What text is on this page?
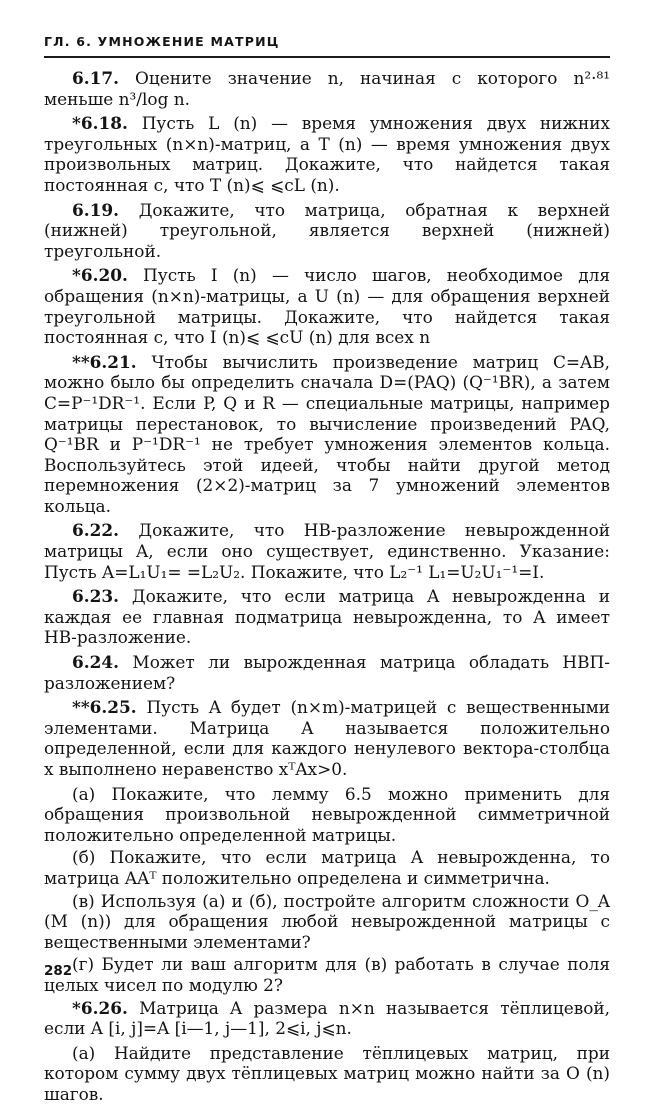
ГЛ. 6. УМНОЖЕНИЕ МАТРИЦ

6.17. Оцените значение n, начиная с которого n²·⁸¹ меньше n³/log n.

*6.18. Пусть L (n) — время умножения двух нижних треугольных (n×n)-матриц, а T (n) — время умножения двух произвольных матриц. Докажите, что найдется такая постоянная c, что T (n)⩽ ⩽cL (n).

6.19. Докажите, что матрица, обратная к верхней (нижней) треугольной, является верхней (нижней) треугольной.

*6.20. Пусть I (n) — число шагов, необходимое для обращения (n×n)-матрицы, а U (n) — для обращения верхней треугольной матрицы. Докажите, что найдется такая постоянная c, что I (n)⩽ ⩽cU (n) для всех n

**6.21. Чтобы вычислить произведение матриц C=AB, можно было бы определить сначала D=(PAQ) (Q⁻¹BR), а затем C=P⁻¹DR⁻¹. Если P, Q и R — специальные матрицы, например матрицы перестановок, то вычисление произведений PAQ, Q⁻¹BR и P⁻¹DR⁻¹ не требует умножения элементов кольца. Воспользуйтесь этой идеей, чтобы найти другой метод перемножения (2×2)-матриц за 7 умножений элементов кольца.

6.22. Докажите, что НВ-разложение невырожденной матрицы A, если оно существует, единственно. Указание: Пусть A=L₁U₁= =L₂U₂. Покажите, что L₂⁻¹ L₁=U₂U₁⁻¹=I.

6.23. Докажите, что если матрица A невырожденна и каждая ее главная подматрица невырожденна, то A имеет НВ-разложение.

6.24. Может ли вырожденная матрица обладать НВП-разложением?

**6.25. Пусть A будет (n×m)-матрицей с вещественными элементами. Матрица A называется положительно определенной, если для каждого ненулевого вектора-столбца x выполнено неравенство xᵀAx>0.

(а) Покажите, что лемму 6.5 можно применить для обращения произвольной невырожденной симметричной положительно определенной матрицы.

(б) Покажите, что если матрица A невырожденна, то матрица AAᵀ положительно определена и симметрична.

(в) Используя (а) и (б), постройте алгоритм сложности O_A (M (n)) для обращения любой невырожденной матрицы с вещественными элементами?

(г) Будет ли ваш алгоритм для (в) работать в случае поля целых чисел по модулю 2?

*6.26. Матрица A размера n×n называется тёплицевой, если A [i, j]=A [i—1, j—1], 2⩽i, j⩽n.

(а) Найдите представление тёплицевых матриц, при котором сумму двух тёплицевых матриц можно найти за O (n) шагов.

282
